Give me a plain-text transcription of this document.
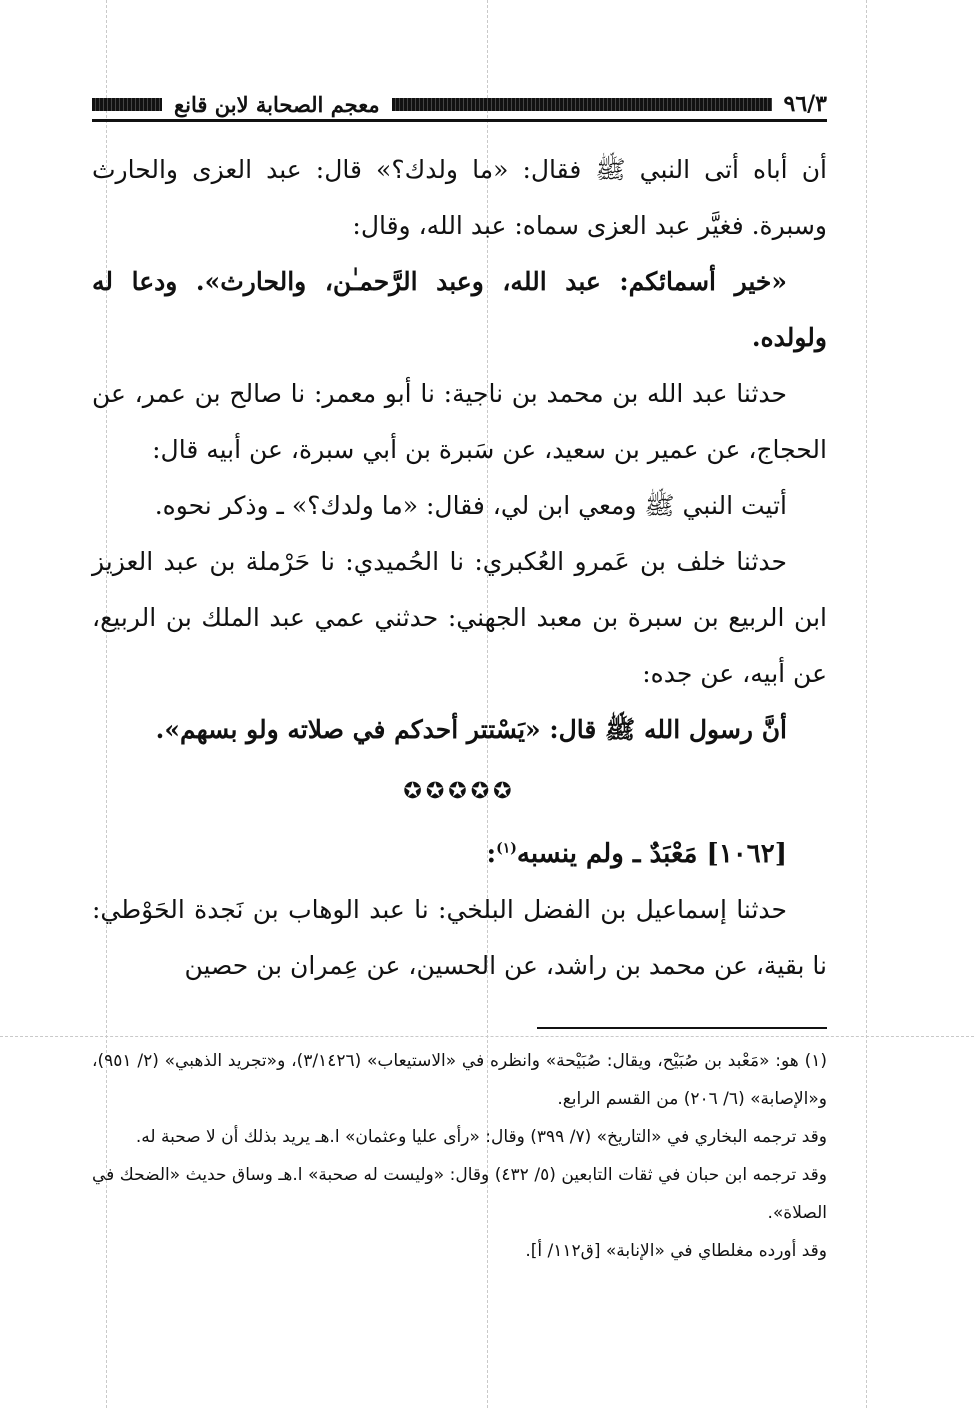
٩٦/٣
معجم الصحابة لابن قانع

أن أباه أتى النبي ﷺ فقال: «ما ولدك؟» قال: عبد العزى والحارث وسبرة. فغيَّر عبد العزى سماه: عبد الله، وقال:

«خير أسمائكم: عبد الله، وعبد الرَّحمـٰن، والحارث». ودعا له ولولده.

حدثنا عبد الله بن محمد بن ناجية: نا أبو معمر: نا صالح بن عمر، عن الحجاج، عن عمير بن سعيد، عن سَبرة بن أبي سبرة، عن أبيه قال:

أتيت النبي ﷺ ومعي ابن لي، فقال: «ما ولدك؟» ـ وذكر نحوه.

حدثنا خلف بن عَمرو العُكبري: نا الحُميدي: نا حَرْملة بن عبد العزيز ابن الربيع بن سبرة بن معبد الجهني: حدثني عمي عبد الملك بن الربيع، عن أبيه، عن جده:

أنَّ رسول الله ﷺ قال: «يَسْتتر أحدكم في صلاته ولو بسهم».

✪✪✪✪✪

[١٠٦٢] مَعْبَدٌ ـ ولم ينسبه$^{(١)}$:

حدثنا إسماعيل بن الفضل البلخي: نا عبد الوهاب بن نَجدة الحَوْطي: نا بقية، عن محمد بن راشد، عن الحسين، عن عِمران بن حصين

(١) هو: «مَعْبد بن صُبَيْح، ويقال: صُبَيْحة» وانظره في «الاستيعاب» (٣/١٤٢٦)، و«تجريد الذهبي» (٢/ ٩٥١)، و«الإصابة» (٦/ ٢٠٦) من القسم الرابع.

وقد ترجمه البخاري في «التاريخ» (٧/ ٣٩٩) وقال: «رأى عليا وعثمان» ا.هـ يريد بذلك أن لا صحبة له.

وقد ترجمه ابن حبان في ثقات التابعين (٥/ ٤٣٢) وقال: «وليست له صحبة» ا.هـ وساق حديث «الضحك في الصلاة».

وقد أورده مغلطاي في «الإنابة» [ق١١٢/ أ].
